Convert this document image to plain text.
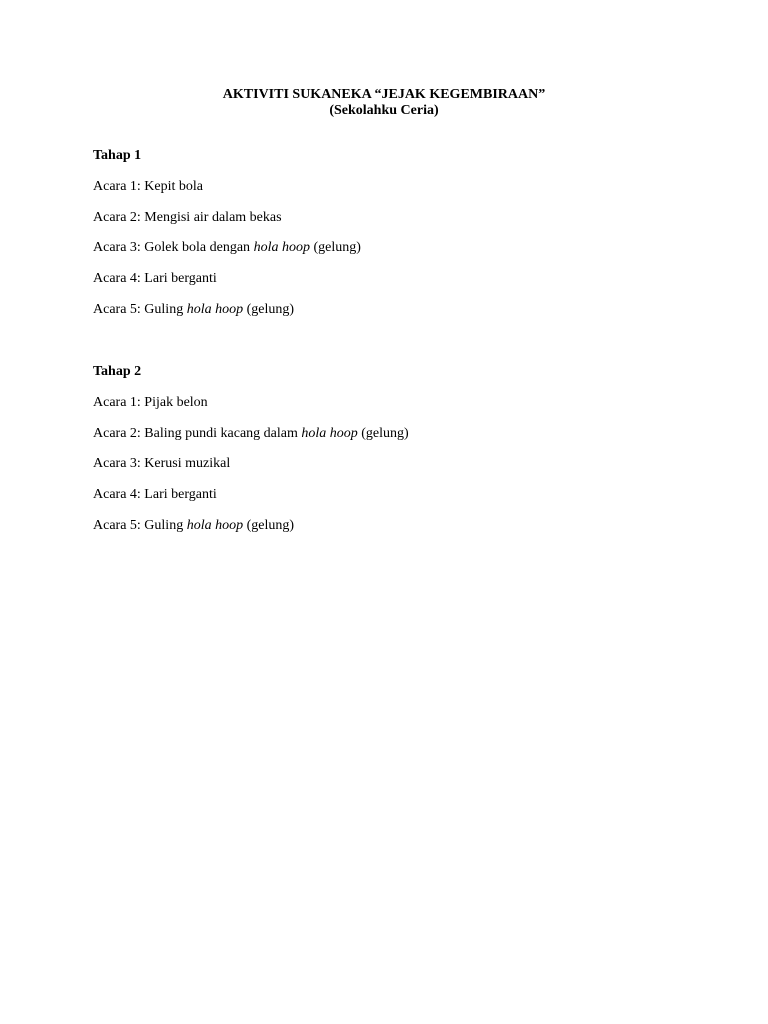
AKTIVITI SUKANEKA “JEJAK KEGEMBIRAAN”
(Sekolahku Ceria)
Tahap 1
Acara 1: Kepit bola
Acara 2: Mengisi air dalam bekas
Acara 3: Golek bola dengan hola hoop (gelung)
Acara 4: Lari berganti
Acara 5: Guling hola hoop (gelung)
Tahap 2
Acara 1: Pijak belon
Acara 2: Baling pundi kacang dalam hola hoop (gelung)
Acara 3: Kerusi muzikal
Acara 4: Lari berganti
Acara 5: Guling hola hoop (gelung)
